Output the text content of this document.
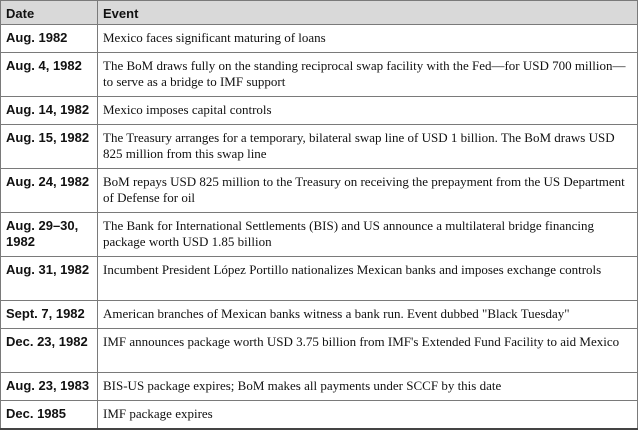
Date	Event
Aug. 1982	Mexico faces significant maturing of loans
Aug. 4, 1982	The BoM draws fully on the standing reciprocal swap facility with the Fed—for USD 700 million—to serve as a bridge to IMF support
Aug. 14, 1982	Mexico imposes capital controls
Aug. 15, 1982	The Treasury arranges for a temporary, bilateral swap line of USD 1 billion. The BoM draws USD 825 million from this swap line
Aug. 24, 1982	BoM repays USD 825 million to the Treasury on receiving the prepayment from the US Department of Defense for oil
Aug. 29–30, 1982	The Bank for International Settlements (BIS) and US announce a multilateral bridge financing package worth USD 1.85 billion
Aug. 31, 1982	Incumbent President López Portillo nationalizes Mexican banks and imposes exchange controls
Sept. 7, 1982	American branches of Mexican banks witness a bank run. Event dubbed "Black Tuesday"
Dec. 23, 1982	IMF announces package worth USD 3.75 billion from IMF's Extended Fund Facility to aid Mexico
Aug. 23, 1983	BIS-US package expires; BoM makes all payments under SCCF by this date
Dec. 1985	IMF package expires
